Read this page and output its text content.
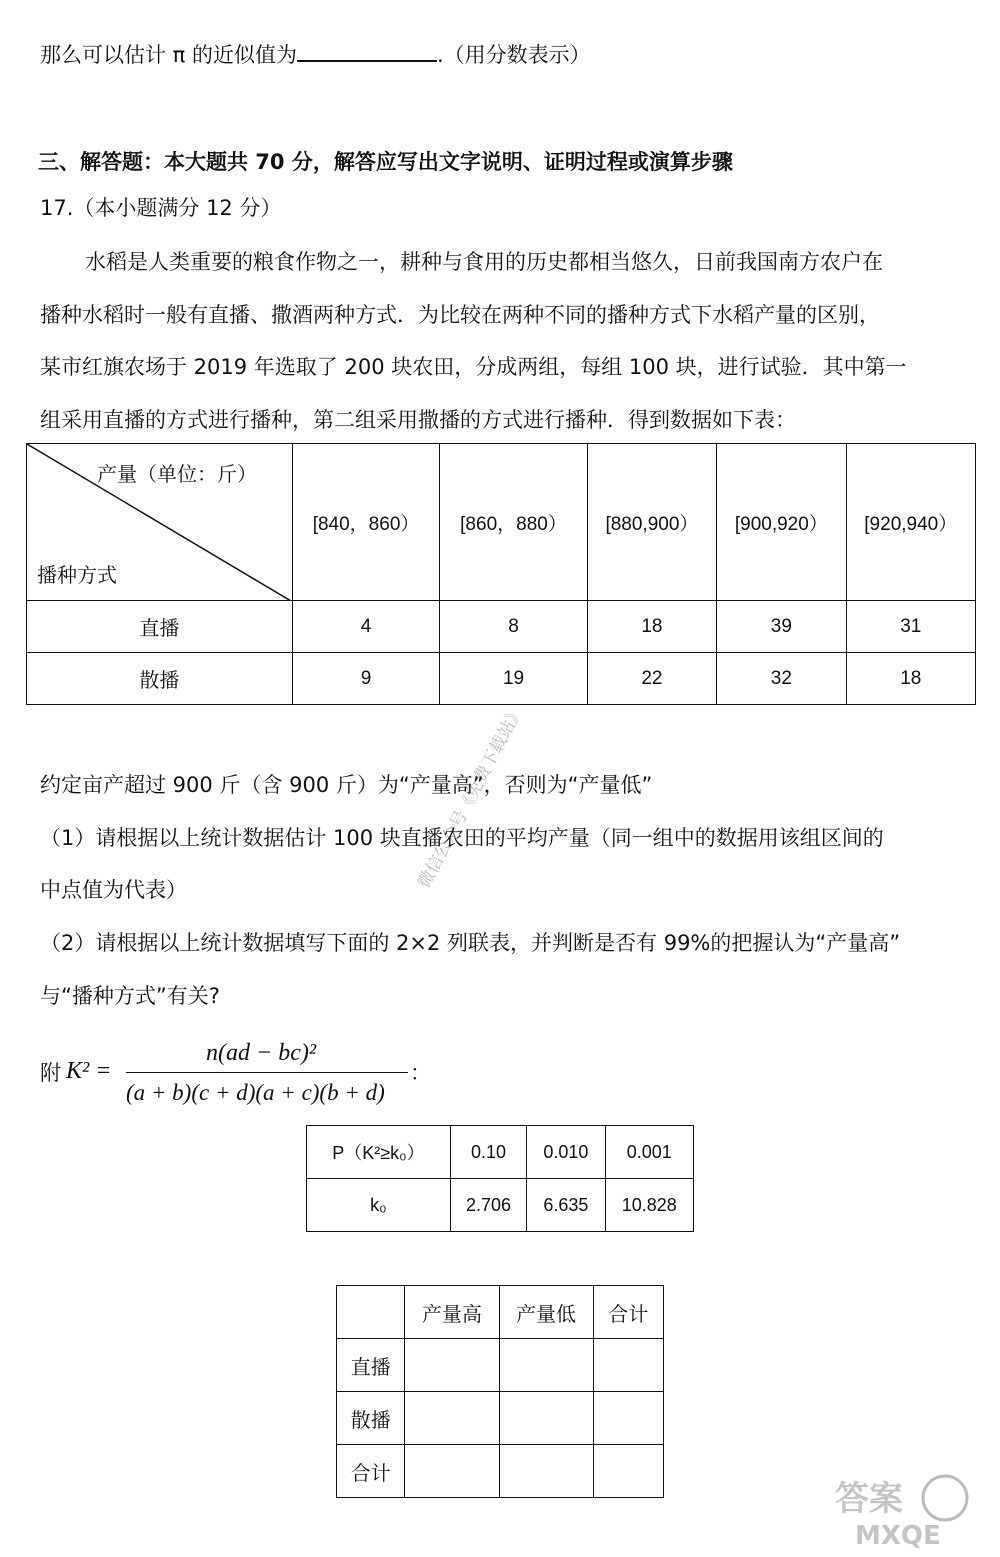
那么可以估计 π 的近似值为	.（用分数表示）
三、解答题：本大题共 70 分，解答应写出文字说明、证明过程或演算步骤
17.（本小题满分 12 分）
水稻是人类重要的粮食作物之一，耕种与食用的历史都相当悠久，日前我国南方农户在
播种水稻时一般有直播、撒酒两种方式．为比较在两种不同的播种方式下水稻产量的区别，
某市红旗农场于 2019 年选取了 200 块农田，分成两组，每组 100 块，进行试验．其中第一
组采用直播的方式进行播种，第二组采用撒播的方式进行播种．得到数据如下表：
产量（单位：斤）
播种方式	[840，860）	[860，880）	[880,900）	[900,920）	[920,940）
直播	4	8	18	39	31
散播	9	19	22	32	18
微信公众号《免费下载站》
约定亩产超过 900 斤（含 900 斤）为“产量高”，否则为“产量低”
（1）请根据以上统计数据估计 100 块直播农田的平均产量（同一组中的数据用该组区间的
中点值为代表）
（2）请根据以上统计数据填写下面的 2×2 列联表，并判断是否有 99%的把握认为“产量高”
与“播种方式”有关?
附 K² =
n(ad − bc)²
(a + b)(c + d)(a + c)(b + d)
：
P（K²≥k₀）	0.10	0.010	0.001
k₀	2.706	6.635	10.828
	产量高	产量低	合计
直播			
散播			
合计			
答案
MXQE
